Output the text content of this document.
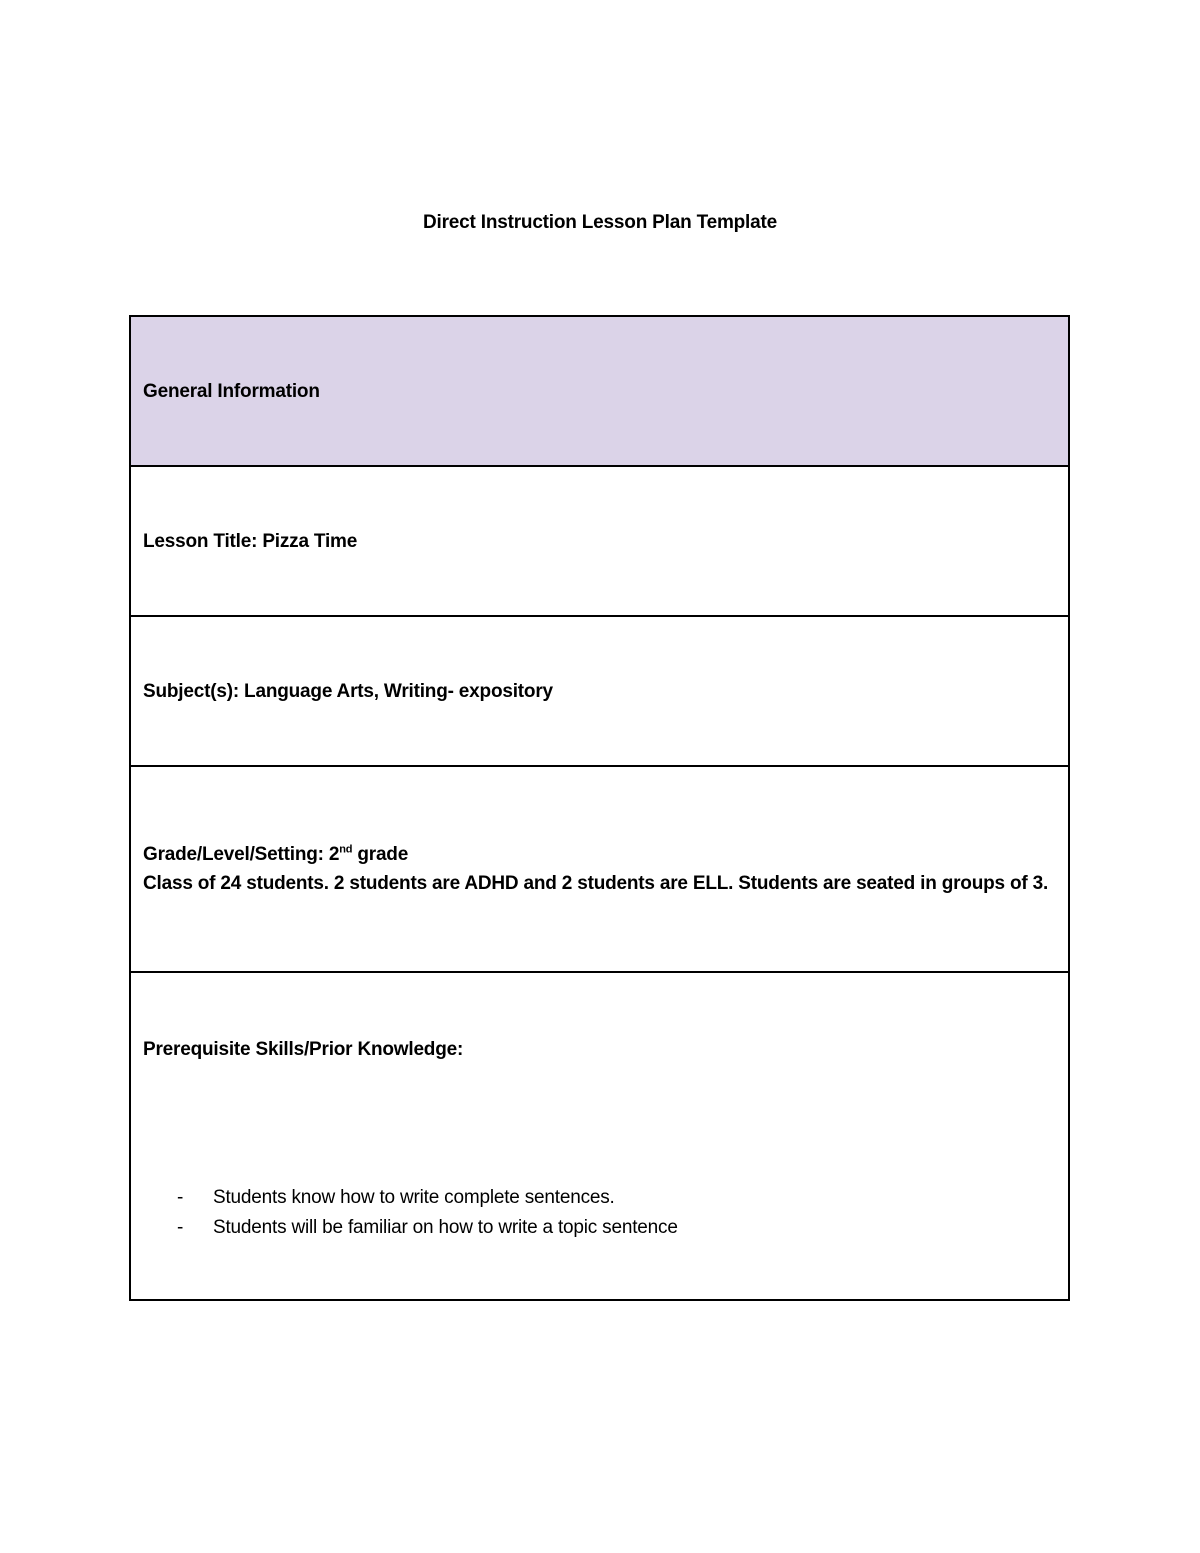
Direct Instruction Lesson Plan Template
General Information
Lesson Title: Pizza Time
Subject(s): Language Arts, Writing- expository

Grade/Level/Setting: 2nd grade
Class of 24 students. 2 students are ADHD and 2 students are ELL. Students are seated in groups of 3.

Prerequisite Skills/Prior Knowledge:
- Students know how to write complete sentences.
- Students will be familiar on how to write a topic sentence
